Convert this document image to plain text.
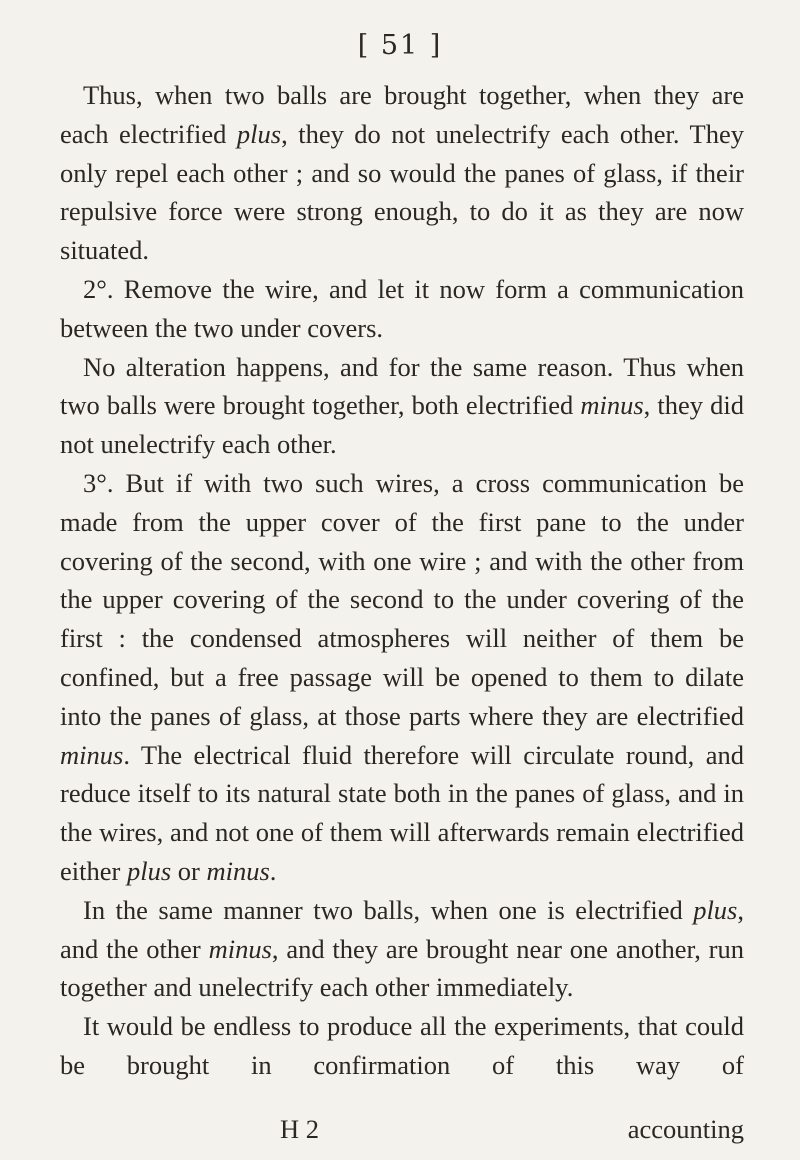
[ 51 ]

Thus, when two balls are brought together, when they are each electrified plus, they do not unelectrify each other. They only repel each other ; and so would the panes of glass, if their repulsive force were strong enough, to do it as they are now situated.

2°. Remove the wire, and let it now form a communication between the two under covers.

No alteration happens, and for the same reason. Thus when two balls were brought together, both electrified minus, they did not unelectrify each other.

3°. But if with two such wires, a cross communication be made from the upper cover of the first pane to the under covering of the second, with one wire ; and with the other from the upper covering of the second to the under covering of the first : the condensed atmospheres will neither of them be confined, but a free passage will be opened to them to dilate into the panes of glass, at those parts where they are electrified minus. The electrical fluid therefore will circulate round, and reduce itself to its natural state both in the panes of glass, and in the wires, and not one of them will afterwards remain electrified either plus or minus.

In the same manner two balls, when one is electrified plus, and the other minus, and they are brought near one another, run together and unelectrify each other immediately.

It would be endless to produce all the experiments, that could be brought in confirmation of this way of

H 2	accounting
